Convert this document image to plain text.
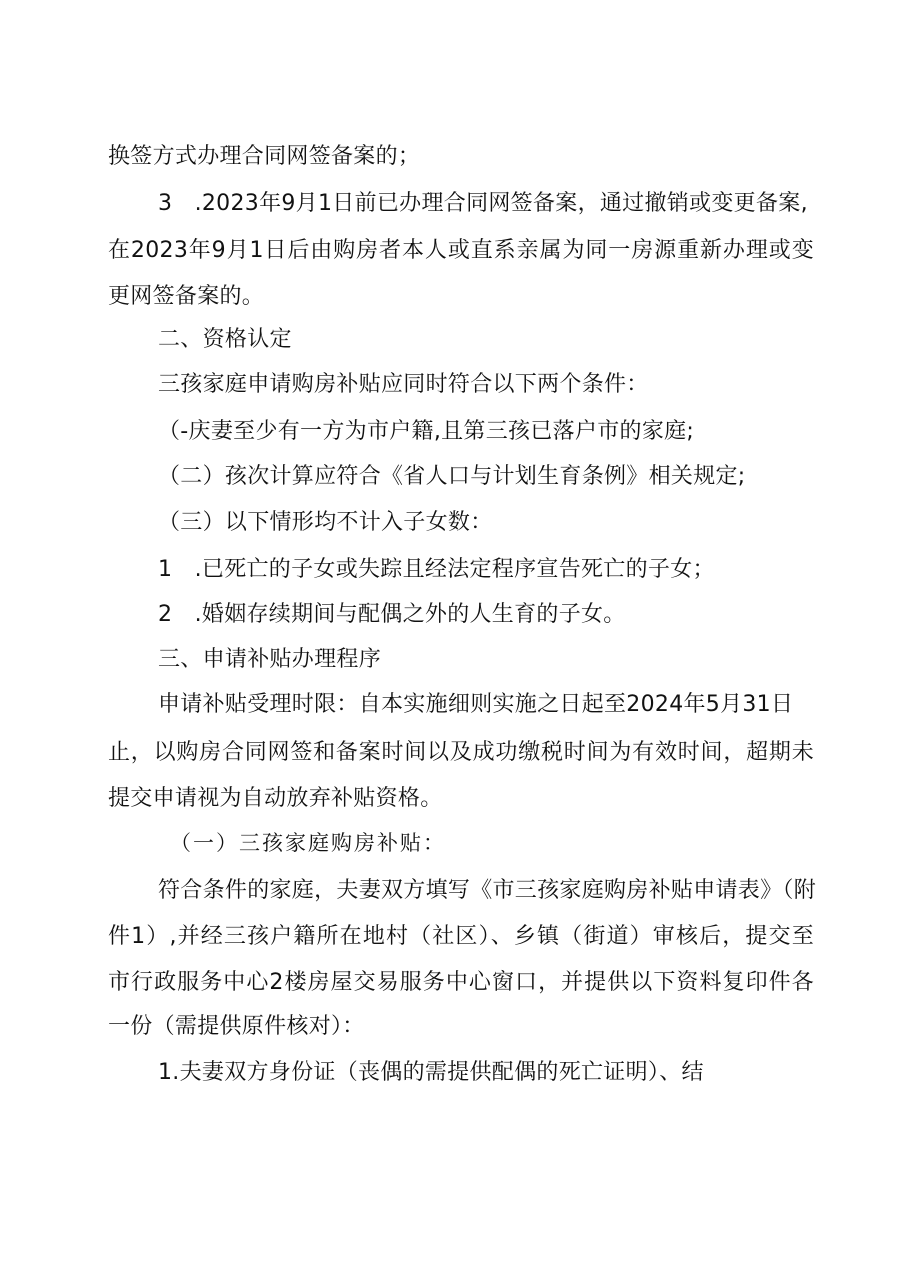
换签方式办理合同网签备案的；
3　.2023年9月1日前已办理合同网签备案，通过撤销或变更备案,
在2023年9月1日后由购房者本人或直系亲属为同一房源重新办理或变
更网签备案的。
二、资格认定
三孩家庭申请购房补贴应同时符合以下两个条件：
（-庆妻至少有一方为市户籍,且第三孩已落户市的家庭;
（二）孩次计算应符合《省人口与计划生育条例》相关规定;
（三）以下情形均不计入子女数：
1　.已死亡的子女或失踪且经法定程序宣告死亡的子女；
2　.婚姻存续期间与配偶之外的人生育的子女。
三、申请补贴办理程序
申请补贴受理时限：自本实施细则实施之日起至2024年5月31日
止，以购房合同网签和备案时间以及成功缴税时间为有效时间，超期未
提交申请视为自动放弃补贴资格。
（一）三孩家庭购房补贴：
符合条件的家庭，夫妻双方填写《市三孩家庭购房补贴申请表》（附
件1）,并经三孩户籍所在地村（社区）、乡镇（街道）审核后，提交至
市行政服务中心2楼房屋交易服务中心窗口，并提供以下资料复印件各
一份（需提供原件核对）：
1.夫妻双方身份证（丧偶的需提供配偶的死亡证明）、结
